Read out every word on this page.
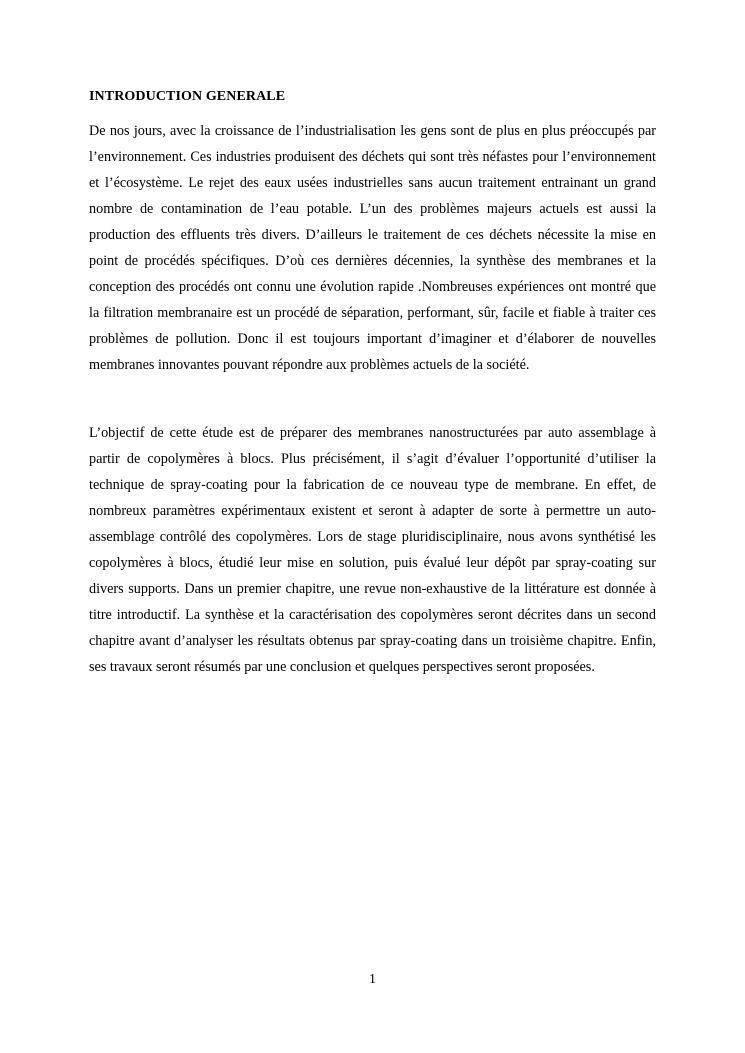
INTRODUCTION GENERALE

De nos jours, avec la croissance de l’industrialisation les gens sont de plus en plus préoccupés par l’environnement. Ces industries produisent des déchets qui sont très néfastes pour l’environnement et l’écosystème. Le rejet des eaux usées industrielles sans aucun traitement entrainant un grand nombre de contamination de l’eau potable. L’un des problèmes majeurs actuels est aussi la production des effluents très divers. D’ailleurs le traitement de ces déchets nécessite la mise en point de procédés spécifiques. D’où ces dernières décennies, la synthèse des membranes et la conception des procédés ont connu une évolution rapide .Nombreuses expériences ont montré que la filtration membranaire est un procédé de séparation, performant, sûr, facile et fiable à traiter ces problèmes de pollution. Donc il est toujours important d’imaginer et d’élaborer de nouvelles membranes innovantes pouvant répondre aux problèmes actuels de la société.

L’objectif de cette étude est de préparer des membranes nanostructurées par auto assemblage à partir de copolymères à blocs. Plus précisément, il s’agit d’évaluer l’opportunité d’utiliser la technique de spray-coating pour la fabrication de ce nouveau type de membrane. En effet, de nombreux paramètres expérimentaux existent et seront à adapter de sorte à permettre un auto-assemblage contrôlé des copolymères. Lors de stage pluridisciplinaire, nous avons synthétisé les copolymères à blocs, étudié leur mise en solution, puis évalué leur dépôt par spray-coating sur divers supports. Dans un premier chapitre, une revue non-exhaustive de la littérature est donnée à titre introductif. La synthèse et la caractérisation des copolymères seront décrites dans un second chapitre avant d’analyser les résultats obtenus par spray-coating dans un troisième chapitre. Enfin, ses travaux seront résumés par une conclusion et quelques perspectives seront proposées.

1
